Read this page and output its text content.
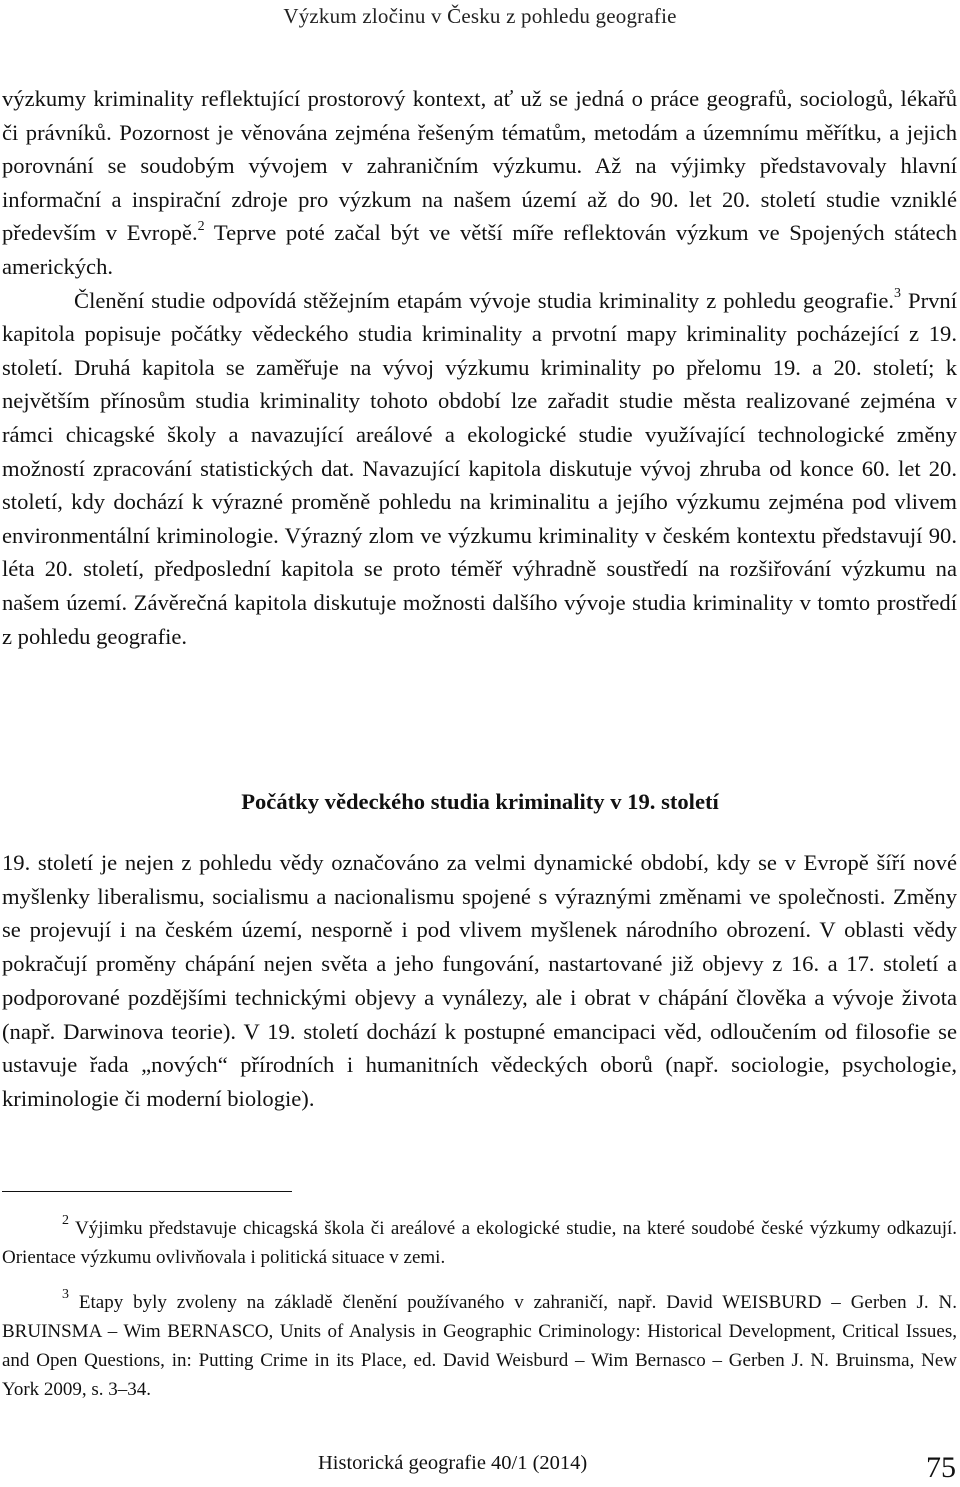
Výzkum zločinu v Česku z pohledu geografie

výzkumy kriminality reflektující prostorový kontext, ať už se jedná o práce geografů, sociologů, lékařů či právníků. Pozornost je věnována zejména řešeným tématům, metodám a územnímu měřítku, a jejich porovnání se soudobým vývojem v zahraničním výzkumu. Až na výjimky představovaly hlavní informační a inspirační zdroje pro výzkum na našem území až do 90. let 20. století studie vzniklé především v Evropě.$^2$ Teprve poté začal být ve větší míře reflektován výzkum ve Spojených státech amerických.

Členění studie odpovídá stěžejním etapám vývoje studia kriminality z pohledu geografie.$^3$ První kapitola popisuje počátky vědeckého studia kriminality a prvotní mapy kriminality pocházející z 19. století. Druhá kapitola se zaměřuje na vývoj výzkumu kriminality po přelomu 19. a 20. století; k největším přínosům studia kriminality tohoto období lze zařadit studie města realizované zejména v rámci chicagské školy a navazující areálové a ekologické studie využívající technologické změny možností zpracování statistických dat. Navazující kapitola diskutuje vývoj zhruba od konce 60. let 20. století, kdy dochází k výrazné proměně pohledu na kriminalitu a jejího výzkumu zejména pod vlivem environmentální kriminologie. Výrazný zlom ve výzkumu kriminality v českém kontextu představují 90. léta 20. století, předposlední kapitola se proto téměř výhradně soustředí na rozšiřování výzkumu na našem území. Závěrečná kapitola diskutuje možnosti dalšího vývoje studia kriminality v tomto prostředí z pohledu geografie.

Počátky vědeckého studia kriminality v 19. století

19. století je nejen z pohledu vědy označováno za velmi dynamické období, kdy se v Evropě šíří nové myšlenky liberalismu, socialismu a nacionalismu spojené s výraznými změnami ve společnosti. Změny se projevují i na českém území, nesporně i pod vlivem myšlenek národního obrození. V oblasti vědy pokračují proměny chápání nejen světa a jeho fungování, nastartované již objevy z 16. a 17. století a podporované pozdějšími technickými objevy a vynálezy, ale i obrat v chápání člověka a vývoje života (např. Darwinova teorie). V 19. století dochází k postupné emancipaci věd, odloučením od filosofie se ustavuje řada „nových“ přírodních i humanitních vědeckých oborů (např. sociologie, psychologie, kriminologie či moderní biologie).

$^2$ Výjimku představuje chicagská škola či areálové a ekologické studie, na které soudobé české výzkumy odkazují. Orientace výzkumu ovlivňovala i politická situace v zemi.

$^3$ Etapy byly zvoleny na základě členění používaného v zahraničí, např. David WEISBURD – Gerben J. N. BRUINSMA – Wim BERNASCO, Units of Analysis in Geographic Criminology: Historical Development, Critical Issues, and Open Questions, in: Putting Crime in its Place, ed. David Weisburd – Wim Bernasco – Gerben J. N. Bruinsma, New York 2009, s. 3–34.

Historická geografie 40/1 (2014)	75
